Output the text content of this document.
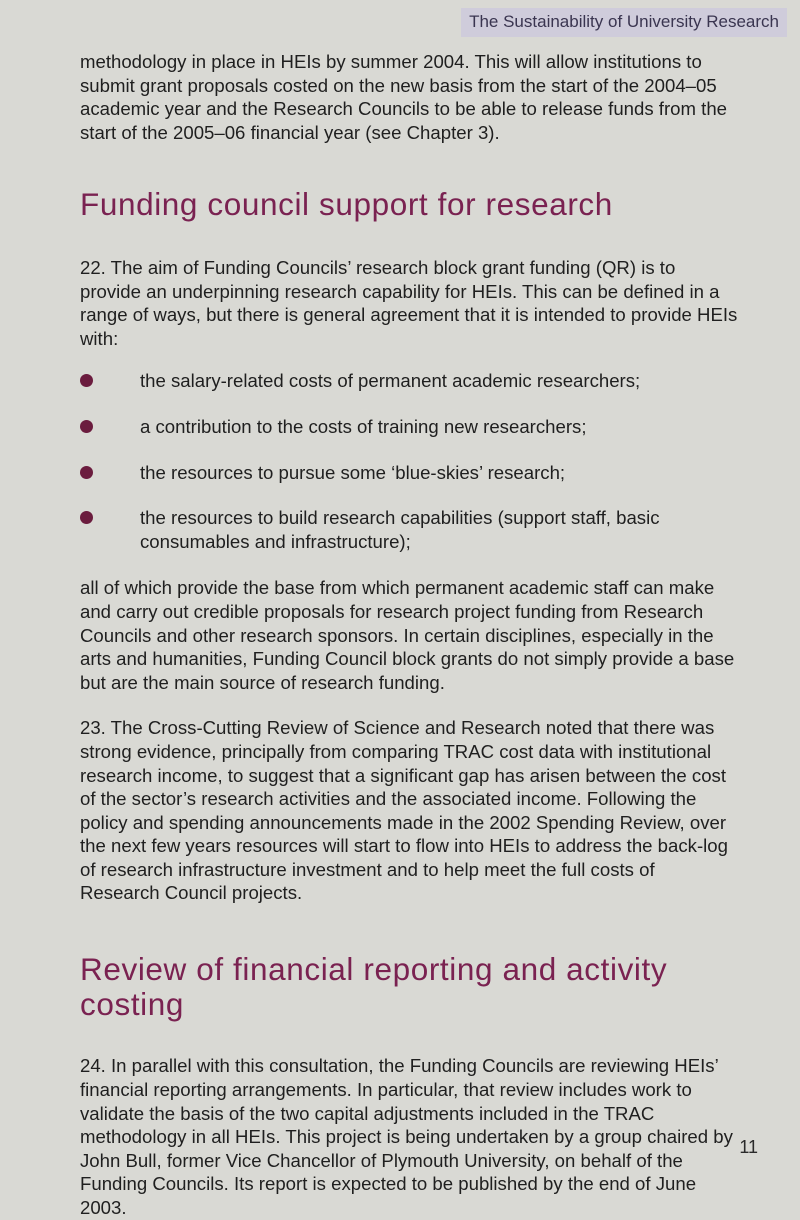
The Sustainability of University Research

methodology in place in HEIs by summer 2004. This will allow institutions to submit grant proposals costed on the new basis from the start of the 2004–05 academic year and the Research Councils to be able to release funds from the start of the 2005–06 financial year (see Chapter 3).

Funding council support for research

22. The aim of Funding Councils’ research block grant funding (QR) is to provide an underpinning research capability for HEIs. This can be defined in a range of ways, but there is general agreement that it is intended to provide HEIs with:

the salary-related costs of permanent academic researchers;
a contribution to the costs of training new researchers;
the resources to pursue some ‘blue-skies’ research;
the resources to build research capabilities (support staff, basic consumables and infrastructure);

all of which provide the base from which permanent academic staff can make and carry out credible proposals for research project funding from Research Councils and other research sponsors. In certain disciplines, especially in the arts and humanities, Funding Council block grants do not simply provide a base but are the main source of research funding.

23. The Cross-Cutting Review of Science and Research noted that there was strong evidence, principally from comparing TRAC cost data with institutional research income, to suggest that a significant gap has arisen between the cost of the sector’s research activities and the associated income. Following the policy and spending announcements made in the 2002 Spending Review, over the next few years resources will start to flow into HEIs to address the back-log of research infrastructure investment and to help meet the full costs of Research Council projects.

Review of financial reporting and activity costing

24. In parallel with this consultation, the Funding Councils are reviewing HEIs’ financial reporting arrangements. In particular, that review includes work to validate the basis of the two capital adjustments included in the TRAC methodology in all HEIs. This project is being undertaken by a group chaired by John Bull, former Vice Chancellor of Plymouth University, on behalf of the Funding Councils. Its report is expected to be published by the end of June 2003.

11
